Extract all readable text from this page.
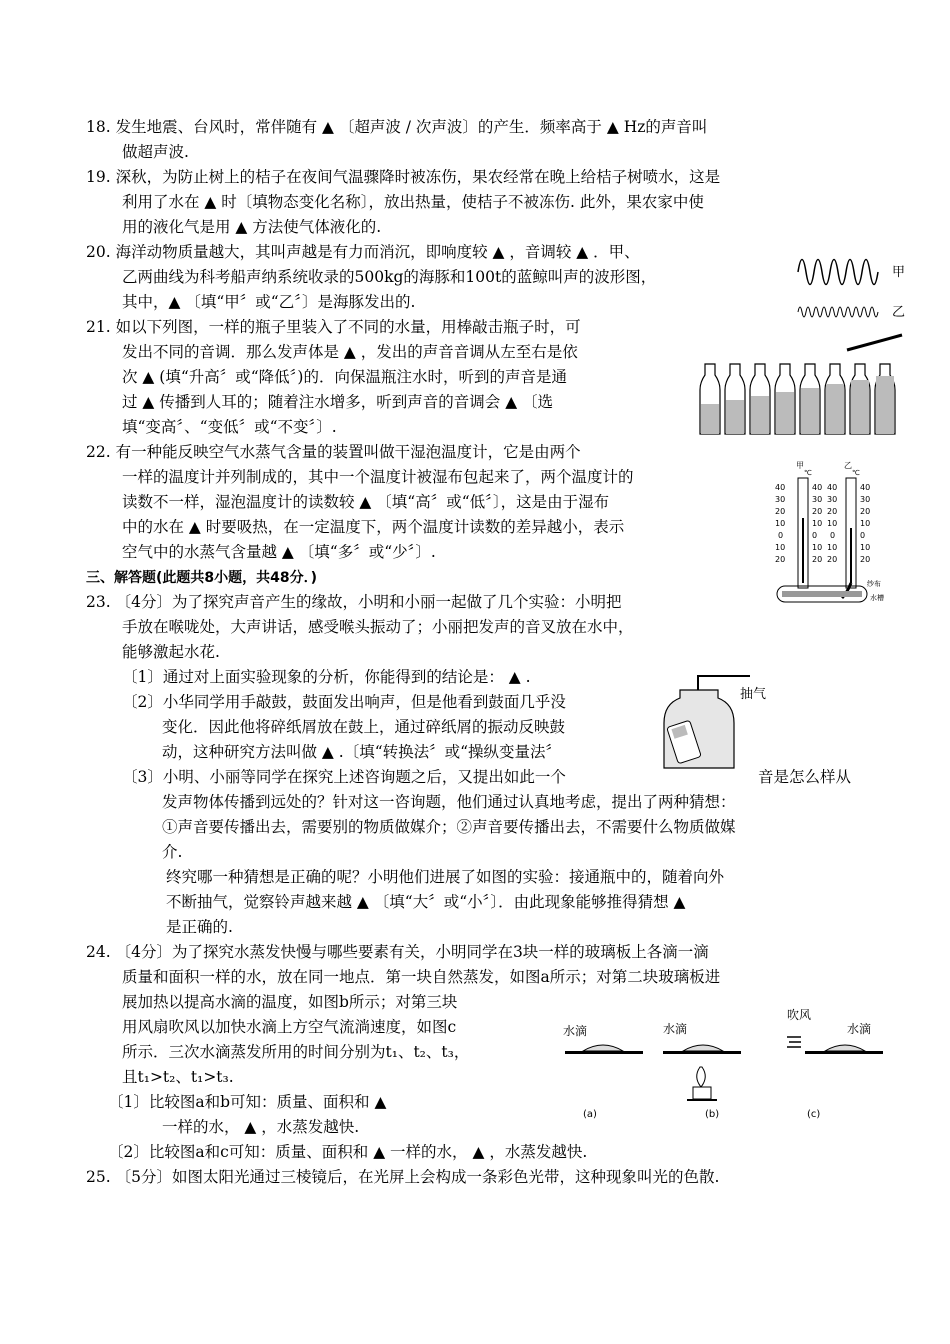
18. 发生地震、台风时，常伴随有 ▲ 〔超声波 / 次声波〕的产生．频率高于 ▲ Hz的声音叫
做超声波.
19. 深秋，为防止树上的桔子在夜间气温骤降时被冻伤，果农经常在晚上给桔子树喷水，这是
利用了水在 ▲ 时〔填物态变化名称〕，放出热量，使桔子不被冻伤. 此外，果农家中使
用的液化气是用 ▲ 方法使气体液化的.
20. 海洋动物质量越大，其叫声越是有力而消沉，即响度较 ▲ ，音调较 ▲ ．甲、
乙两曲线为科考船声纳系统收录的500kg的海豚和100t的蓝鲸叫声的波形图，
其中，▲ 〔填“甲〞或“乙〞〕是海豚发出的.
21. 如以下列图，一样的瓶子里装入了不同的水量，用棒敲击瓶子时，可
发出不同的音调．那么发声体是 ▲ ，发出的声音音调从左至右是依
次 ▲ (填“升高〞或“降低〞)的．向保温瓶注水时，听到的声音是通
过 ▲ 传播到人耳的；随着注水增多，听到声音的音调会 ▲ 〔选
填“变高〞、“变低〞或“不变〞〕.
22. 有一种能反映空气水蒸气含量的装置叫做干湿泡温度计，它是由两个
一样的温度计并列制成的，其中一个温度计被湿布包起来了，两个温度计的
读数不一样，湿泡温度计的读数较 ▲ 〔填“高〞或“低〞〕，这是由于湿布
中的水在 ▲ 时要吸热，在一定温度下，两个温度计读数的差异越小，表示
空气中的水蒸气含量越 ▲ 〔填“多〞或“少〞〕.
三、解答题(此题共8小题，共48分．)
23. 〔4分〕为了探究声音产生的缘故，小明和小丽一起做了几个实验：小明把
手放在喉咙处，大声讲话，感受喉头振动了；小丽把发声的音叉放在水中，
能够激起水花.
〔1〕通过对上面实验现象的分析，你能得到的结论是： ▲ .
〔2〕小华同学用手敲鼓，鼓面发出响声，但是他看到鼓面几乎没
变化．因此他将碎纸屑放在鼓上，通过碎纸屑的振动反映鼓
动，这种研究方法叫做 ▲ .〔填“转换法〞或“操纵变量法〞
〔3〕小明、小丽等同学在探究上述咨询题之后，又提出如此一个	音是怎么样从
发声物体传播到远处的？针对这一咨询题，他们通过认真地考虑，提出了两种猜想：
①声音要传播出去，需要别的物质做媒介；②声音要传播出去，不需要什么物质做媒
介.
终究哪一种猜想是正确的呢？小明他们进展了如图的实验：接通瓶中的，随着向外
不断抽气，觉察铃声越来越 ▲ 〔填“大〞或“小〞〕．由此现象能够推得猜想 ▲
是正确的.
24. 〔4分〕为了探究水蒸发快慢与哪些要素有关，小明同学在3块一样的玻璃板上各滴一滴
质量和面积一样的水，放在同一地点．第一块自然蒸发，如图a所示；对第二块玻璃板进
展加热以提高水滴的温度，如图b所示；对第三块
用风扇吹风以加快水滴上方空气流淌速度，如图c
所示．三次水滴蒸发所用的时间分别为t₁、t₂、t₃，
且t₁>t₂、t₁>t₃.
〔1〕比较图a和b可知：质量、面积和 ▲
一样的水， ▲ ，水蒸发越快.
〔2〕比较图a和c可知：质量、面积和 ▲ 一样的水， ▲ ，水蒸发越快.
25. 〔5分〕如图太阳光通过三棱镜后，在光屏上会构成一条彩色光带，这种现象叫光的色散.
甲
乙
甲
℃
乙
℃
40	40 40	40
30	30 30	30
20	20 20	20
10	10 10	10
0	0 0	0
10	10 10	10
20	20 20	20
纱布
水槽
抽气
水滴	水滴
吹风
水滴
(a)	(b)	(c)
